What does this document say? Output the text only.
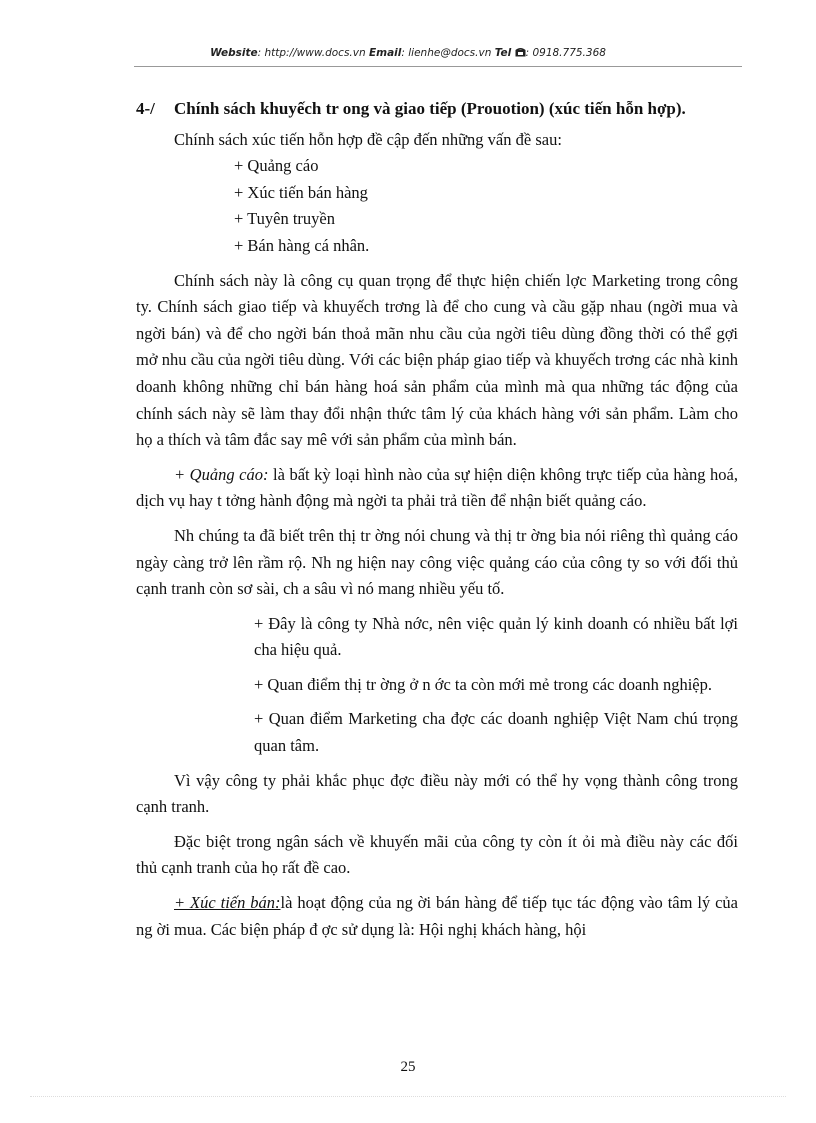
Website: http://www.docs.vn Email: lienhe@docs.vn Tel : 0918.775.368
4-/ Chính sách khuyếch tr ong và giao tiếp (Prouotion) (xúc tiến hỗn hợp).

Chính sách xúc tiến hỗn hợp đề cập đến những vấn đề sau:

+ Quảng cáo

+ Xúc tiến bán hàng

+ Tuyên truyền

+ Bán hàng cá nhân.

Chính sách này là công cụ quan trọng để thực hiện chiến lợc Marketing trong công ty. Chính sách giao tiếp và khuyếch trơng là để cho cung và cầu gặp nhau (ngời mua và ngời bán) và để cho ngời bán thoả mãn nhu cầu của ngời tiêu dùng đồng thời có thể gợi mở nhu cầu của ngời tiêu dùng. Với các biện pháp giao tiếp và khuyếch trơng các nhà kinh doanh không những chỉ bán hàng hoá sản phẩm của mình mà qua những tác động của chính sách này sẽ làm thay đổi nhận thức tâm lý của khách hàng với sản phẩm. Làm cho họ a thích và tâm đắc say mê với sản phẩm của mình bán.

+ Quảng cáo: là bất kỳ loại hình nào của sự hiện diện không trực tiếp của hàng hoá, dịch vụ hay t tởng hành động mà ngời ta phải trả tiền để nhận biết quảng cáo.

Nh chúng ta đã biết trên thị tr ờng nói chung và thị tr ờng bia nói riêng thì quảng cáo ngày càng trở lên rầm rộ. Nh ng hiện nay công việc quảng cáo của công ty so với đối thủ cạnh tranh còn sơ sài, ch a sâu vì nó mang nhiều yếu tố.

+ Đây là công ty Nhà nớc, nên việc quản lý kinh doanh có nhiều bất lợi cha hiệu quả.

+ Quan điểm thị tr ờng ở n ớc ta còn mới mẻ trong các doanh nghiệp.

+ Quan điểm Marketing cha đợc các doanh nghiệp Việt Nam chú trọng quan tâm.

Vì vậy công ty phải khắc phục đợc điều này mới có thể hy vọng thành công trong cạnh tranh.

Đặc biệt trong ngân sách về khuyến mãi của công ty còn ít ỏi mà điều này các đối thủ cạnh tranh của họ rất đề cao.

+ Xúc tiến bán:là hoạt động của ng ời bán hàng để tiếp tục tác động vào tâm lý của ng ời mua. Các biện pháp đ ợc sử dụng là: Hội nghị khách hàng, hội

25
